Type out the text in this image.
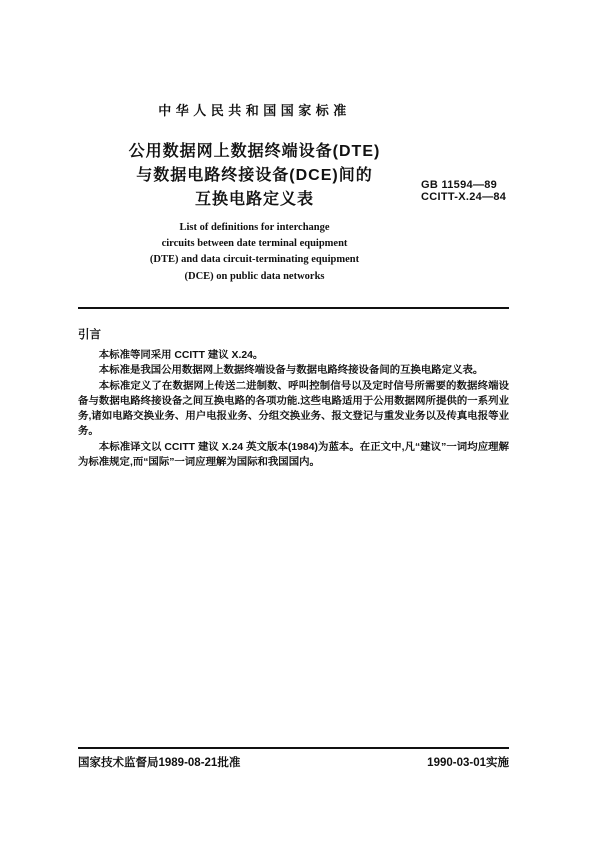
中华人民共和国国家标准
公用数据网上数据终端设备(DTE)
与数据电路终接设备(DCE)间的
互换电路定义表
GB 11594—89
CCITT-X.24—84
List of definitions for interchange
circuits between date terminal equipment
(DTE) and data circuit-terminating equipment
(DCE) on public data networks
引言

本标准等同采用 CCITT 建议 X.24。

本标准是我国公用数据网上数据终端设备与数据电路终接设备间的互换电路定义表。

本标准定义了在数据网上传送二进制数、呼叫控制信号以及定时信号所需要的数据终端设备与数据电路终接设备之间互换电路的各项功能.这些电路适用于公用数据网所提供的一系列业务,诸如电路交换业务、用户电报业务、分组交换业务、报文登记与重发业务以及传真电报等业务。

本标准译文以 CCITT 建议 X.24 英文版本(1984)为蓝本。在正文中,凡“建议”一词均应理解为标准规定,而“国际”一词应理解为国际和我国国内。

国家技术监督局1989-08-21批准	1990-03-01实施
